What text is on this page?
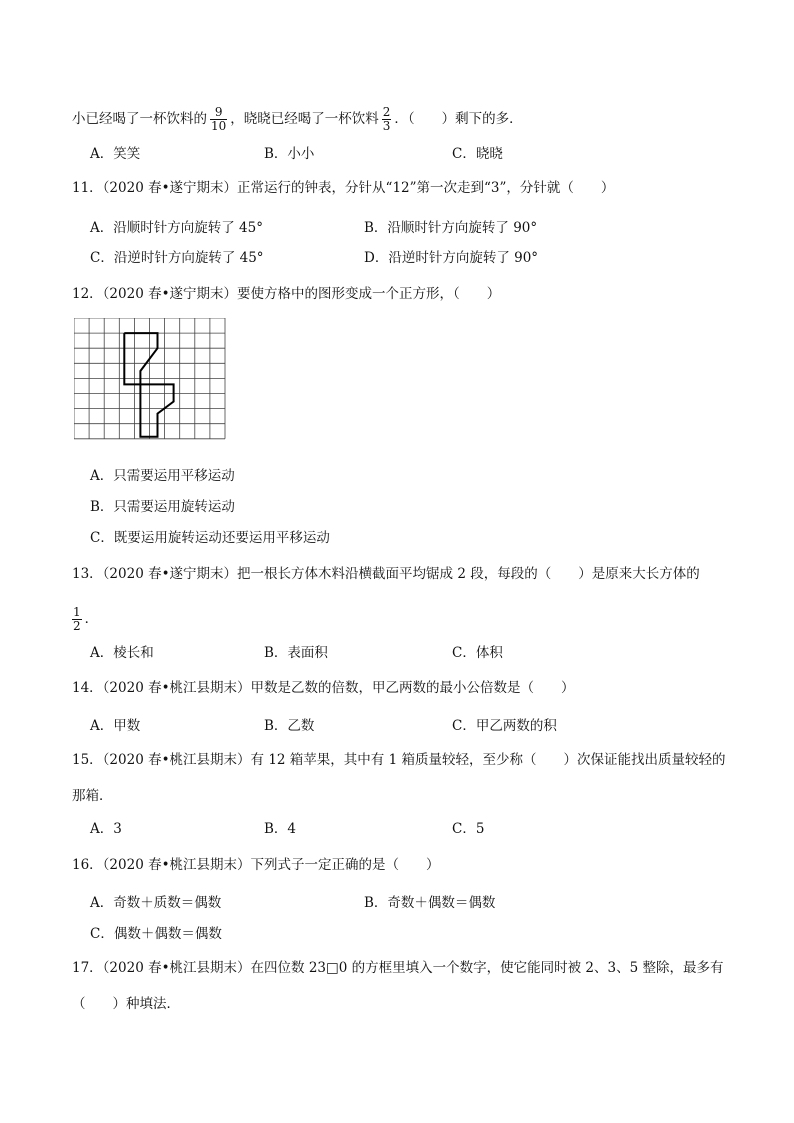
小已经喝了一杯饮料的 $\frac{9}{10}$ ，晓晓已经喝了一杯饮料 $\frac{2}{3}$ ．（　　）剩下的多．
A．笑笑	B．小小	C．晓晓
11．（2020 春•遂宁期末）正常运行的钟表，分针从“12”第一次走到“3”，分针就（　　）
A．沿顺时针方向旋转了 45°	B．沿顺时针方向旋转了 90°
C．沿逆时针方向旋转了 45°	D．沿逆时针方向旋转了 90°
12．（2020 春•遂宁期末）要使方格中的图形变成一个正方形，（　　）
A．只需要运用平移运动
B．只需要运用旋转运动
C．既要运用旋转运动还要运用平移运动
13．（2020 春•遂宁期末）把一根长方体木料沿横截面平均锯成 2 段，每段的（　　）是原来大长方体的
$\frac{1}{2}$ ．
A．棱长和	B．表面积	C．体积
14．（2020 春•桃江县期末）甲数是乙数的倍数，甲乙两数的最小公倍数是（　　）
A．甲数	B．乙数	C．甲乙两数的积
15．（2020 春•桃江县期末）有 12 箱苹果，其中有 1 箱质量较轻，至少称（　　）次保证能找出质量较轻的
那箱．
A．3	B．4	C．5
16．（2020 春•桃江县期末）下列式子一定正确的是（　　）
A．奇数＋质数＝偶数	B．奇数＋偶数＝偶数
C．偶数＋偶数＝偶数
17．（2020 春•桃江县期末）在四位数 23□0 的方框里填入一个数字，使它能同时被 2、3、5 整除，最多有
（　　）种填法．
